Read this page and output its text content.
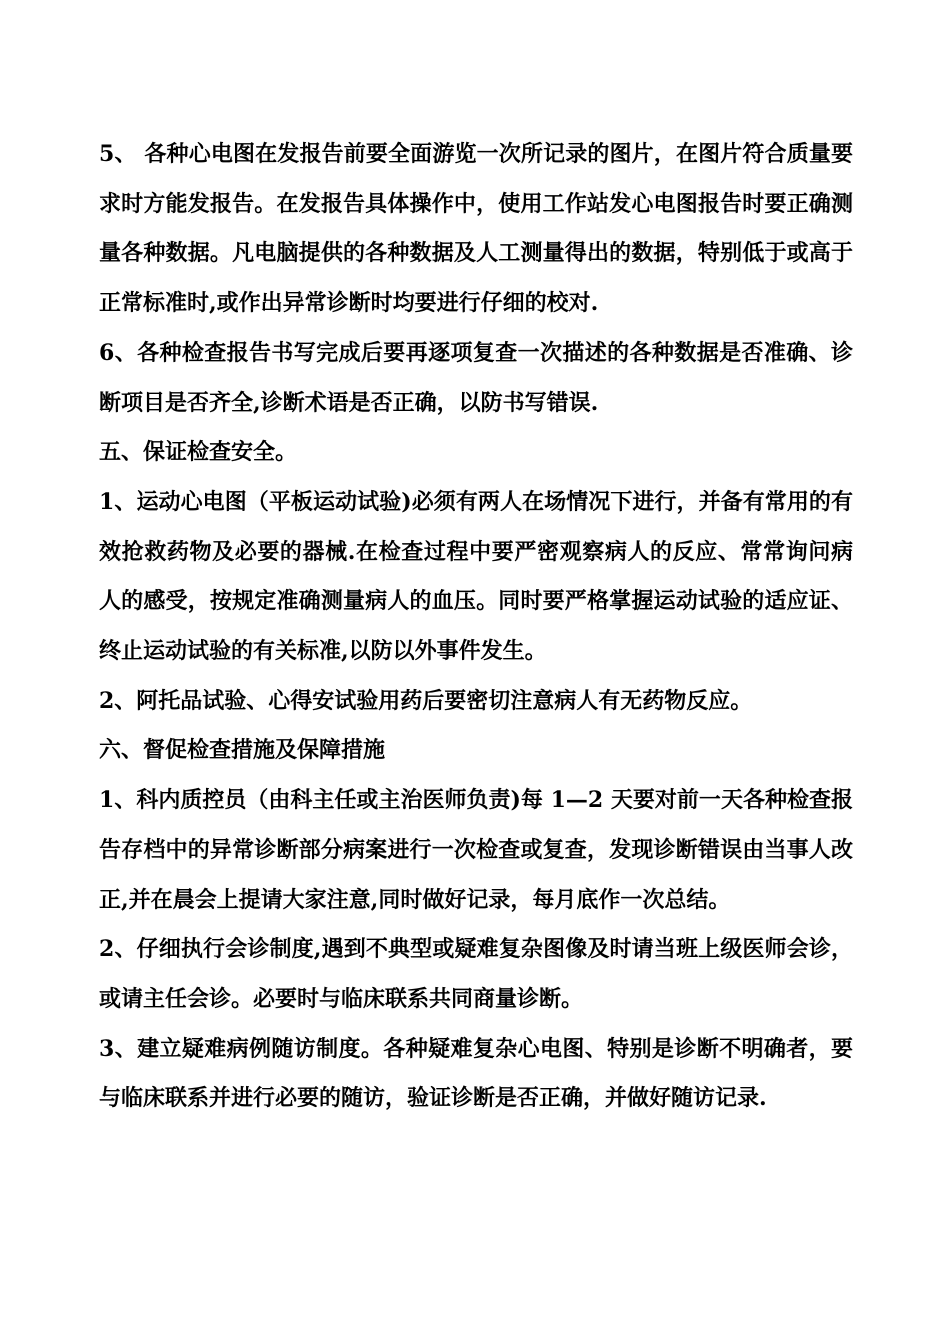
5、 各种心电图在发报告前要全面游览一次所记录的图片，在图片符合质量要求时方能发报告。在发报告具体操作中，使用工作站发心电图报告时要正确测量各种数据。凡电脑提供的各种数据及人工测量得出的数据，特别低于或高于正常标准时,或作出异常诊断时均要进行仔细的校对.

6、各种检查报告书写完成后要再逐项复查一次描述的各种数据是否准确、诊断项目是否齐全,诊断术语是否正确，以防书写错误.

五、保证检查安全。

1、运动心电图（平板运动试验)必须有两人在场情况下进行，并备有常用的有效抢救药物及必要的器械.在检查过程中要严密观察病人的反应、常常询问病人的感受，按规定准确测量病人的血压。同时要严格掌握运动试验的适应证、终止运动试验的有关标准,以防以外事件发生。

2、阿托品试验、心得安试验用药后要密切注意病人有无药物反应。

六、督促检查措施及保障措施

1、科内质控员（由科主任或主治医师负责)每 1—2 天要对前一天各种检查报告存档中的异常诊断部分病案进行一次检查或复查，发现诊断错误由当事人改正,并在晨会上提请大家注意,同时做好记录，每月底作一次总结。

2、仔细执行会诊制度,遇到不典型或疑难复杂图像及时请当班上级医师会诊，或请主任会诊。必要时与临床联系共同商量诊断。

3、建立疑难病例随访制度。各种疑难复杂心电图、特别是诊断不明确者，要与临床联系并进行必要的随访，验证诊断是否正确，并做好随访记录.
